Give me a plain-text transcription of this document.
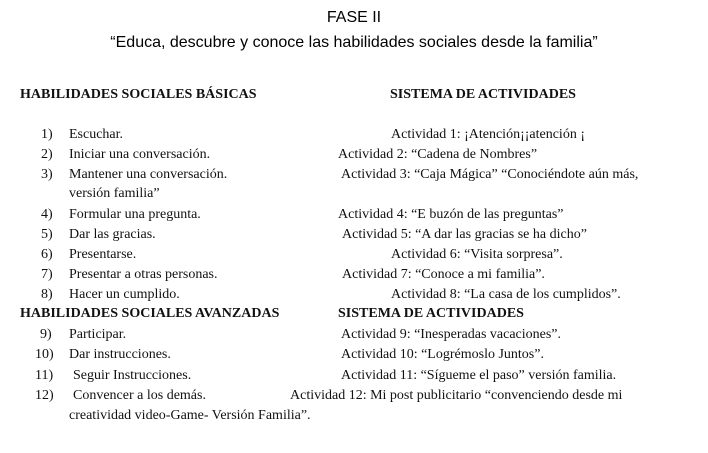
FASE II
“Educa, descubre y conoce las habilidades sociales desde la familia”
HABILIDADES SOCIALES BÁSICAS	SISTEMA DE ACTIVIDADES
1) Escuchar.
2) Iniciar una conversación.
3) Mantener una conversación.
versión familia”
4) Formular una pregunta.
5) Dar las gracias.
6) Presentarse.
7) Presentar a otras personas.
8) Hacer un cumplido.
Actividad 1: ¡Atención¡¡atención ¡
Actividad 2: “Cadena de Nombres”
Actividad 3: “Caja Mágica” “Conociéndote aún más,
Actividad 4: “E buzón de las preguntas”
Actividad 5: “A dar las gracias se ha dicho”
Actividad 6: “Visita sorpresa”.
Actividad 7: “Conoce a mi familia”.
Actividad 8: “La casa de los cumplidos”.
HABILIDADES SOCIALES AVANZADAS	SISTEMA DE ACTIVIDADES
9) Participar.
10) Dar instrucciones.
11) Seguir Instrucciones.
12) Convencer a los demás.
creatividad video-Game- Versión Familia”.
Actividad 9: “Inesperadas vacaciones”.
Actividad 10: “Logrémoslo Juntos”.
Actividad 11: “Sígueme el paso” versión familia.
Actividad 12: Mi post publicitario “convenciendo desde mi
